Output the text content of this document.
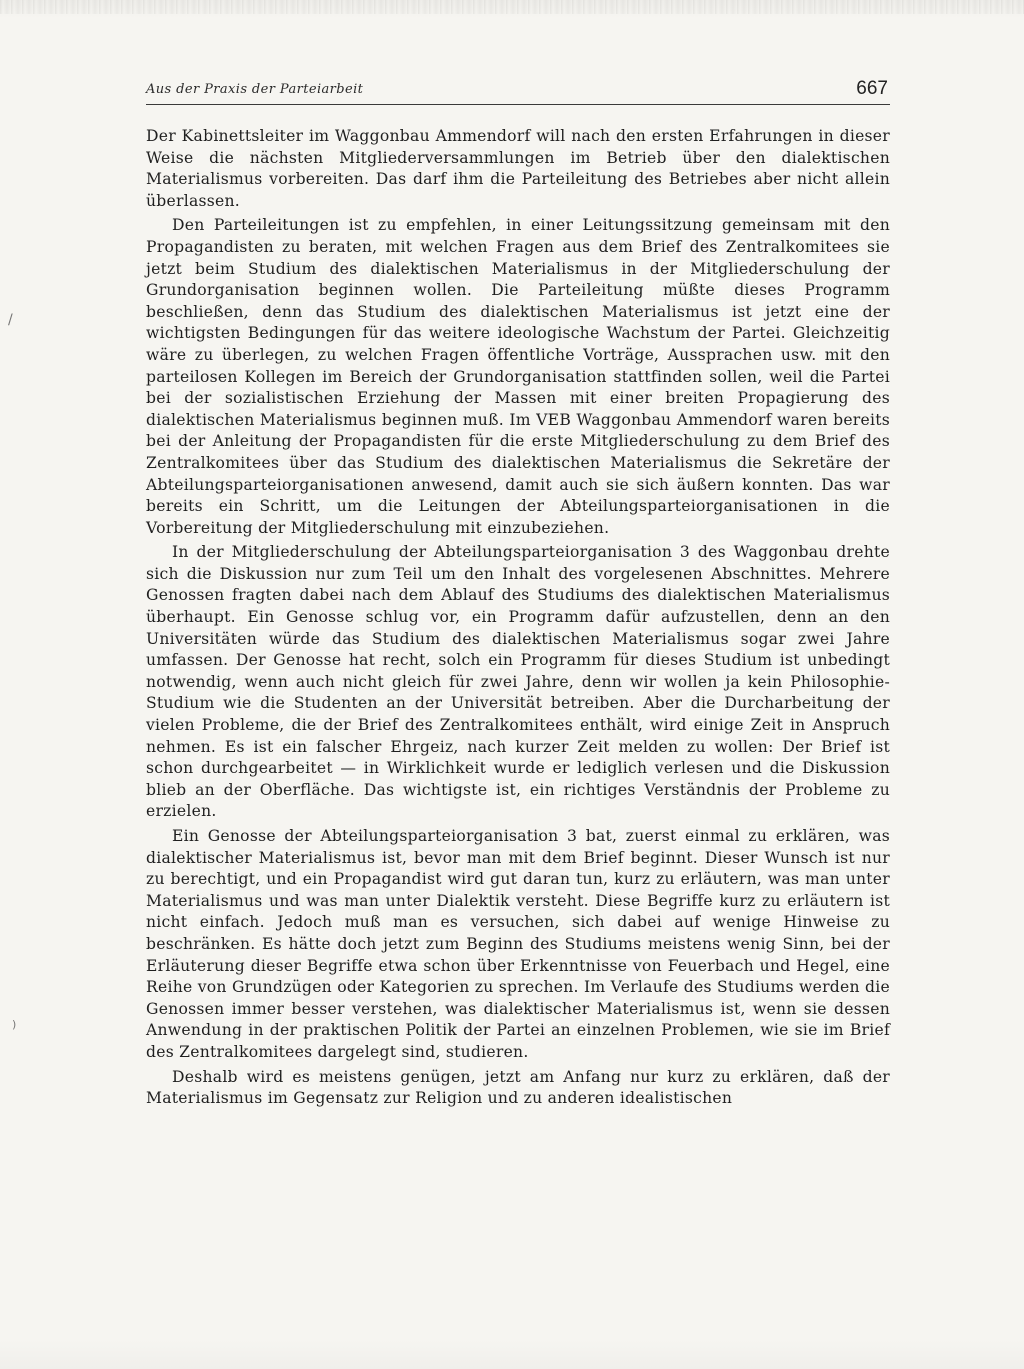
Aus der Praxis der Parteiarbeit	667

Der Kabinettsleiter im Waggonbau Ammendorf will nach den ersten Erfahrungen in dieser Weise die nächsten Mitgliederversammlungen im Betrieb über den dialektischen Materialismus vorbereiten. Das darf ihm die Parteileitung des Betriebes aber nicht allein überlassen.

Den Parteileitungen ist zu empfehlen, in einer Leitungssitzung gemeinsam mit den Propagandisten zu beraten, mit welchen Fragen aus dem Brief des Zentralkomitees sie jetzt beim Studium des dialektischen Materialismus in der Mitgliederschulung der Grundorganisation beginnen wollen. Die Parteileitung müßte dieses Programm beschließen, denn das Studium des dialektischen Materialismus ist jetzt eine der wichtigsten Bedingungen für das weitere ideologische Wachstum der Partei. Gleichzeitig wäre zu überlegen, zu welchen Fragen öffentliche Vorträge, Aussprachen usw. mit den parteilosen Kollegen im Bereich der Grundorganisation stattfinden sollen, weil die Partei bei der sozialistischen Erziehung der Massen mit einer breiten Propagierung des dialektischen Materialismus beginnen muß. Im VEB Waggonbau Ammendorf waren bereits bei der Anleitung der Propagandisten für die erste Mitgliederschulung zu dem Brief des Zentralkomitees über das Studium des dialektischen Materialismus die Sekretäre der Abteilungsparteiorganisationen anwesend, damit auch sie sich äußern konnten. Das war bereits ein Schritt, um die Leitungen der Abteilungsparteiorganisationen in die Vorbereitung der Mitgliederschulung mit einzubeziehen.

In der Mitgliederschulung der Abteilungsparteiorganisation 3 des Waggonbau drehte sich die Diskussion nur zum Teil um den Inhalt des vorgelesenen Abschnittes. Mehrere Genossen fragten dabei nach dem Ablauf des Studiums des dialektischen Materialismus überhaupt. Ein Genosse schlug vor, ein Programm dafür aufzustellen, denn an den Universitäten würde das Studium des dialektischen Materialismus sogar zwei Jahre umfassen. Der Genosse hat recht, solch ein Programm für dieses Studium ist unbedingt notwendig, wenn auch nicht gleich für zwei Jahre, denn wir wollen ja kein Philosophie-Studium wie die Studenten an der Universität betreiben. Aber die Durcharbeitung der vielen Probleme, die der Brief des Zentralkomitees enthält, wird einige Zeit in Anspruch nehmen. Es ist ein falscher Ehrgeiz, nach kurzer Zeit melden zu wollen: Der Brief ist schon durchgearbeitet — in Wirklichkeit wurde er lediglich verlesen und die Diskussion blieb an der Oberfläche. Das wichtigste ist, ein richtiges Verständnis der Probleme zu erzielen.

Ein Genosse der Abteilungsparteiorganisation 3 bat, zuerst einmal zu erklären, was dialektischer Materialismus ist, bevor man mit dem Brief beginnt. Dieser Wunsch ist nur zu berechtigt, und ein Propagandist wird gut daran tun, kurz zu erläutern, was man unter Materialismus und was man unter Dialektik versteht. Diese Begriffe kurz zu erläutern ist nicht einfach. Jedoch muß man es versuchen, sich dabei auf wenige Hinweise zu beschränken. Es hätte doch jetzt zum Beginn des Studiums meistens wenig Sinn, bei der Erläuterung dieser Begriffe etwa schon über Erkenntnisse von Feuerbach und Hegel, eine Reihe von Grundzügen oder Kategorien zu sprechen. Im Verlaufe des Studiums werden die Genossen immer besser verstehen, was dialektischer Materialismus ist, wenn sie dessen Anwendung in der praktischen Politik der Partei an einzelnen Problemen, wie sie im Brief des Zentralkomitees dargelegt sind, studieren.

Deshalb wird es meistens genügen, jetzt am Anfang nur kurz zu erklären, daß der Materialismus im Gegensatz zur Religion und zu anderen idealistischen

/
)
